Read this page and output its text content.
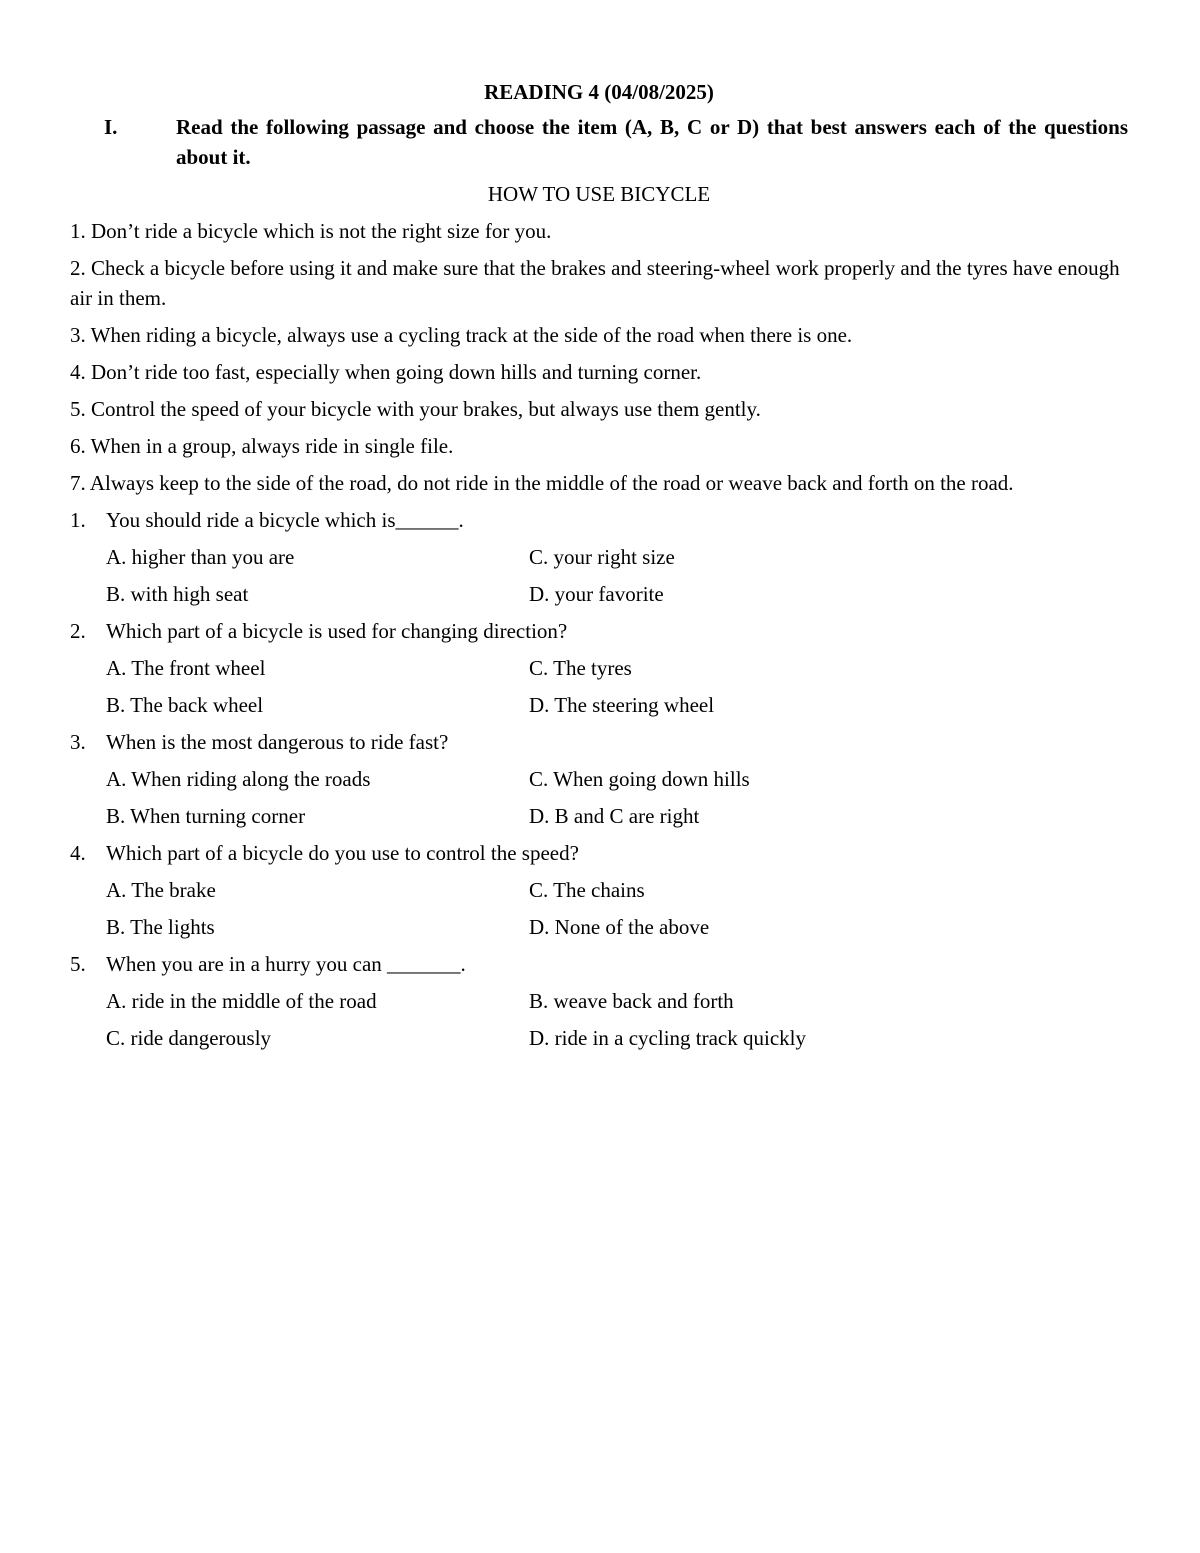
READING 4 (04/08/2025)
I.	Read the following passage and choose the item (A, B, C or D) that best answers each of the questions about it.
HOW TO USE BICYCLE
1. Don’t ride a bicycle which is not the right size for you.
2. Check a bicycle before using it and make sure that the brakes and steering-wheel work properly and the tyres have enough air in them.
3. When riding a bicycle, always use a cycling track at the side of the road when there is one.
4. Don’t ride too fast, especially when going down hills and turning corner.
5. Control the speed of your bicycle with your brakes, but always use them gently.
6. When in a group, always ride in single file.
7. Always keep to the side of the road, do not ride in the middle of the road or weave back and forth on the road.
1. You should ride a bicycle which is______.
A. higher than you are	C. your right size
B. with high seat	D. your favorite
2. Which part of a bicycle is used for changing direction?
A. The front wheel	C. The tyres
B. The back wheel	D. The steering wheel
3. When is the most dangerous to ride fast?
A. When riding along the roads	C. When going down hills
B. When turning corner	D. B and C are right
4. Which part of a bicycle do you use to control the speed?
A. The brake	C. The chains
B. The lights	D. None of the above
5. When you are in a hurry you can _______.
A. ride in the middle of the road	B. weave back and forth
C. ride dangerously	D. ride in a cycling track quickly
